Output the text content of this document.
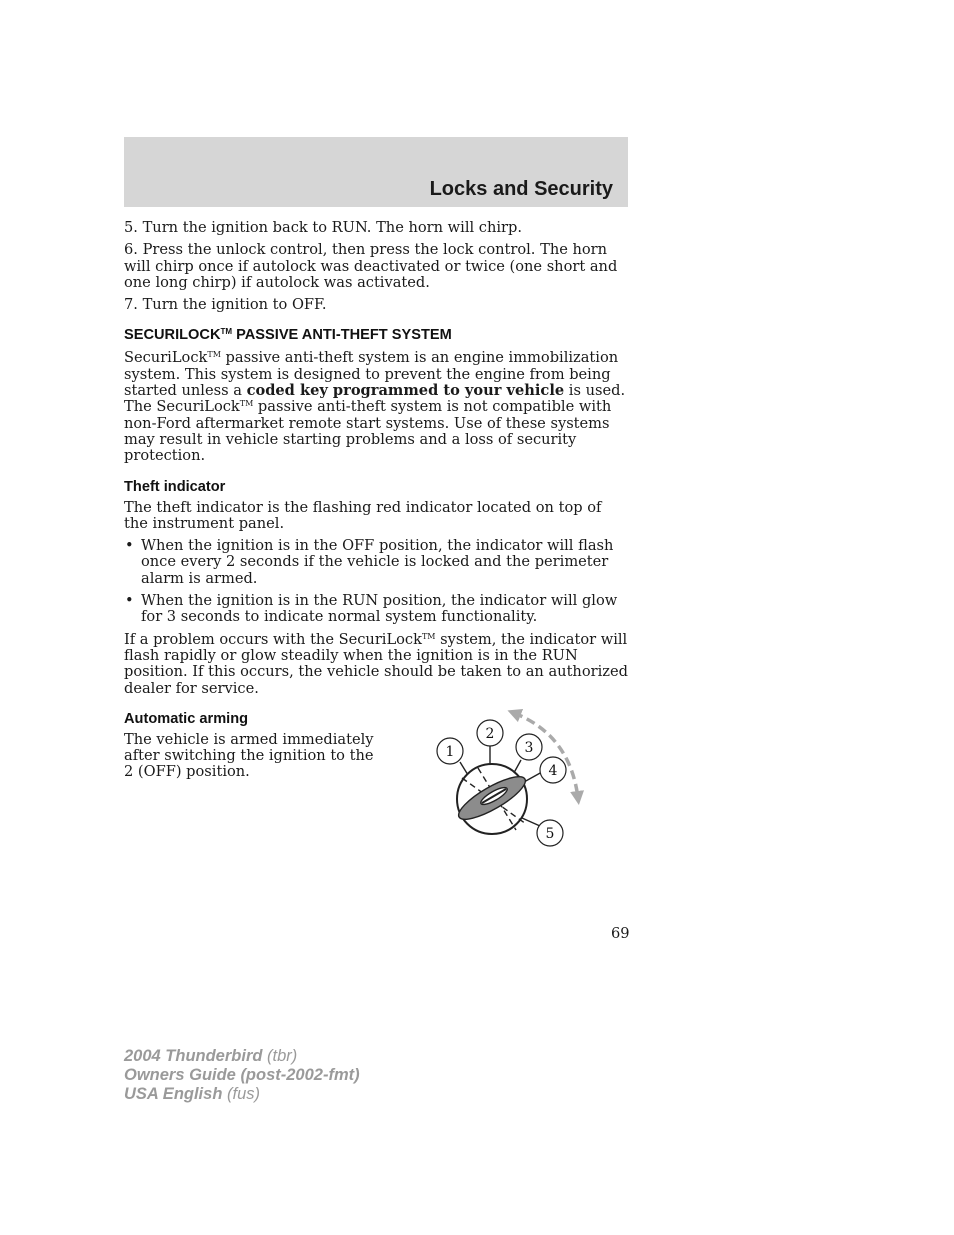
Locks and Security

5. Turn the ignition back to RUN. The horn will chirp.

6. Press the unlock control, then press the lock control. The horn will chirp once if autolock was deactivated or twice (one short and one long chirp) if autolock was activated.

7. Turn the ignition to OFF.

SECURILOCK™ PASSIVE ANTI-THEFT SYSTEM

SecuriLock™ passive anti-theft system is an engine immobilization system. This system is designed to prevent the engine from being started unless a coded key programmed to your vehicle is used. The SecuriLock™ passive anti-theft system is not compatible with non-Ford aftermarket remote start systems. Use of these systems may result in vehicle starting problems and a loss of security protection.

Theft indicator

The theft indicator is the flashing red indicator located on top of the instrument panel.

• When the ignition is in the OFF position, the indicator will flash once every 2 seconds if the vehicle is locked and the perimeter alarm is armed.
• When the ignition is in the RUN position, the indicator will glow for 3 seconds to indicate normal system functionality.

If a problem occurs with the SecuriLock™ system, the indicator will flash rapidly or glow steadily when the ignition is in the RUN position. If this occurs, the vehicle should be taken to an authorized dealer for service.

Automatic arming

The vehicle is armed immediately after switching the ignition to the 2 (OFF) position.

1
2
3
4
5

69

2004 Thunderbird (tbr)
Owners Guide (post-2002-fmt)
USA English (fus)
